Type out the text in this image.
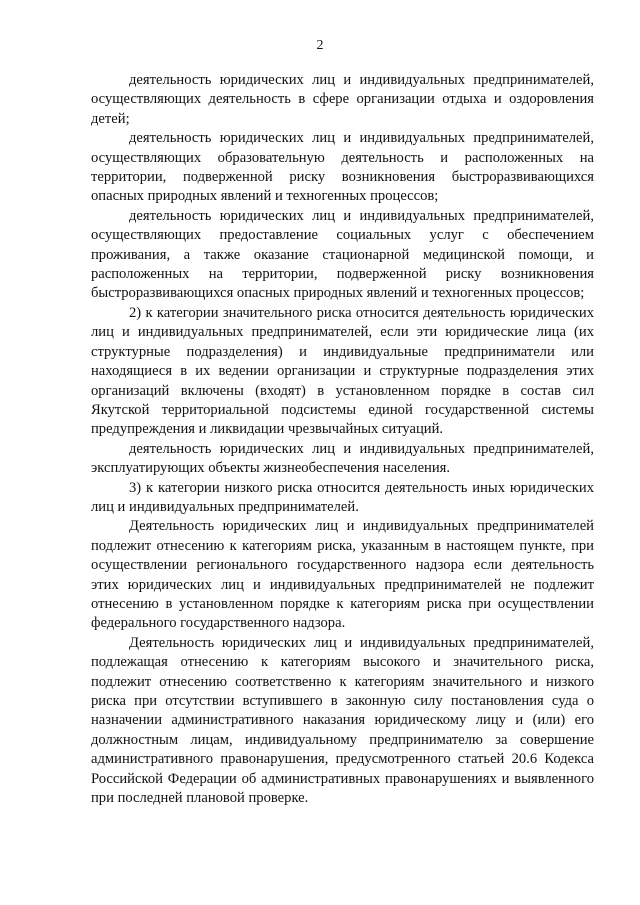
2

деятельность юридических лиц и индивидуальных предпринимателей, осуществляющих деятельность в сфере организации отдыха и оздоровления детей;

деятельность юридических лиц и индивидуальных предпринимателей, осуществляющих образовательную деятельность и расположенных на территории, подверженной риску возникновения быстроразвивающихся опасных природных явлений и техногенных процессов;

деятельность юридических лиц и индивидуальных предпринимателей, осуществляющих предоставление социальных услуг с обеспечением проживания, а также оказание стационарной медицинской помощи, и расположенных на территории, подверженной риску возникновения быстроразвивающихся опасных природных явлений и техногенных процессов;

2) к категории значительного риска относится деятельность юридических лиц и индивидуальных предпринимателей, если эти юридические лица (их структурные подразделения) и индивидуальные предприниматели или находящиеся в их ведении организации и структурные подразделения этих организаций включены (входят) в установленном порядке в состав сил Якутской территориальной подсистемы единой государственной системы предупреждения и ликвидации чрезвычайных ситуаций.

деятельность юридических лиц и индивидуальных предпринимателей, эксплуатирующих объекты жизнеобеспечения населения.

3) к категории низкого риска относится деятельность иных юридических лиц и индивидуальных предпринимателей.

Деятельность юридических лиц и индивидуальных предпринимателей подлежит отнесению к категориям риска, указанным в настоящем пункте, при осуществлении регионального государственного надзора если деятельность этих юридических лиц и индивидуальных предпринимателей не подлежит отнесению в установленном порядке к категориям риска при осуществлении федерального государственного надзора.

Деятельность юридических лиц и индивидуальных предпринимателей, подлежащая отнесению к категориям высокого и значительного риска, подлежит отнесению соответственно к категориям значительного и низкого риска при отсутствии вступившего в законную силу постановления суда о назначении административного наказания юридическому лицу и (или) его должностным лицам, индивидуальному предпринимателю за совершение административного правонарушения, предусмотренного статьей 20.6 Кодекса Российской Федерации об административных правонарушениях и выявленного при последней плановой проверке.
